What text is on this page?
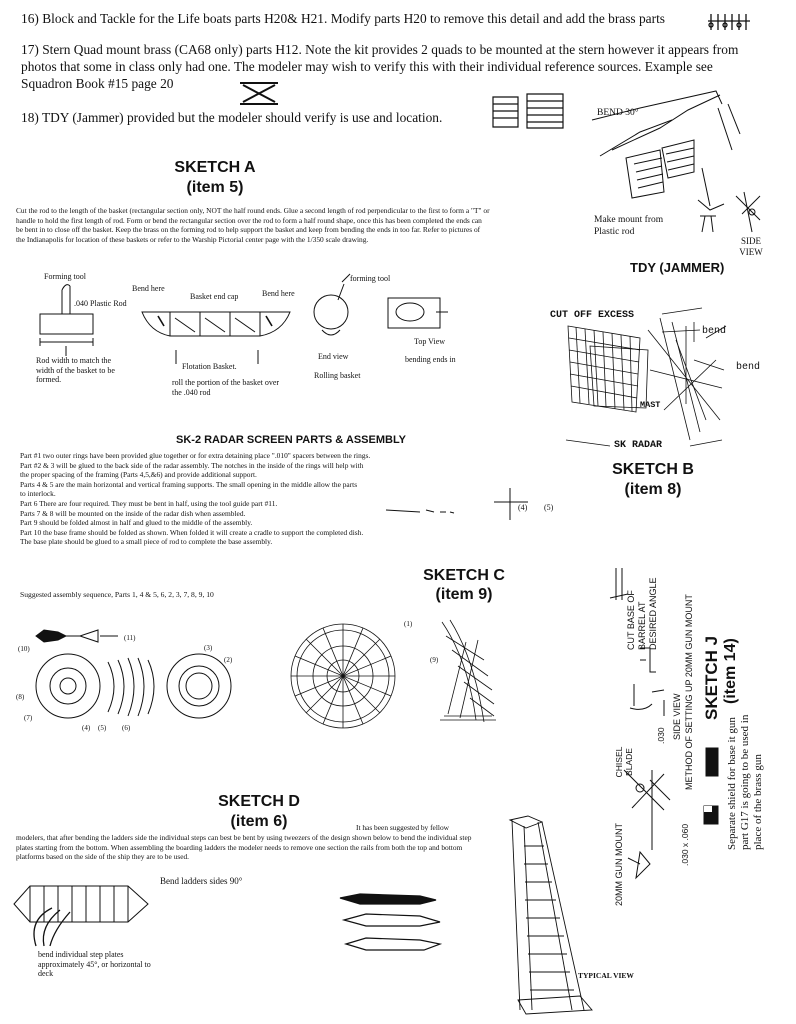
16) Block and Tackle for the Life boats parts H20& H21. Modify parts H20 to remove this detail and add the brass parts

17) Stern Quad mount brass (CA68 only) parts H12. Note the kit provides 2 quads to be mounted at the stern however it appears from photos that some in class only had one. The modeler may wish to verify this with their individual reference sources. Example see Squadron Book #15 page 20

18) TDY (Jammer) provided but the modeler should verify is use and location.

SKETCH A
(item 5)

Cut the rod to the length of the basket (rectangular section only, NOT the half round ends. Glue a second length of rod perpendicular to the first to form a "T" or handle to hold the first length of rod. Form or bend the rectangular section over the rod to form a half round shape, once this has been completed the ends can be bent in to close off the basket. Keep the brass on the forming rod to help support the basket and keep from bending the ends in too far. Refer to pictures of the Indianapolis for location of these baskets or refer to the Warship Pictorial center page with the 1/350 scale drawing.

Forming tool
.040 Plastic Rod
Rod width to match the width of the basket to be formed.
Bend here
Basket end cap	Bend here
Flotation Basket.
roll the portion of the basket over the .040 rod
forming tool
End view
Rolling basket
Top View
bending ends in
BEND 30°
Make mount from Plastic rod
SIDE VIEW
TDY (JAMMER)
CUT OFF EXCESS
bend
bend
MAST
SK RADAR
SKETCH B
(item 8)
SK-2 RADAR SCREEN PARTS & ASSEMBLY
Part #1 two outer rings have been provided glue together or for extra detaining place ".010" spacers between the rings.
Part #2 & 3 will be glued to the back side of the radar assembly. The notches in the inside of the rings will help with
the proper spacing of the framing (Parts 4,5,&6) and provide additional support.
Parts 4 & 5 are the main horizontal and vertical framing supports. The small opening in the middle allow the parts
to interlock.
Part 6 There are four required. They must be bent in half, using the tool guide part #11.
Parts 7 & 8 will be mounted on the inside of the radar dish when assembled.
Part 9 should be folded almost in half and glued to the middle of the assembly.
Part 10 the base frame should be folded as shown. When folded it will create a cradle to support the completed dish.
The base plate should be glued to a small piece of rod to complete the base assembly.
(4) (5)
SKETCH C
(item 9)
Suggested assembly sequence, Parts 1, 4 & 5, 6, 2, 3, 7, 8, 9, 10
(10)
(11)
(8)
(7)
(4) (5) (6)
(3)
(2)
(1)
(9)	SKETCH J (item 14)
CUT BASE OF BARREL AT DESIRED ANGLE
SIDE VIEW METHOD OF SETTING UP 20MM GUN MOUNT
CHISEL BLADE
.030
.030 x .060
20MM GUN MOUNT
Separate shield for base it gun part G17 is going to be used in place of the brass gun
SKETCH D
(item 6)	It has been suggested by fellow

modelers, that after bending the ladders side the individual steps can best be bent by using tweezers of the design shown below to bend the individual step plates starting from the bottom. When assembling the boarding ladders the modeler needs to remove one section the rails from both the top and bottom platforms based on the side of the ship they are to be used.

Bend ladders sides 90°
bend individual step plates approximately 45°, or horizontal to deck	TYPICAL VIEW
